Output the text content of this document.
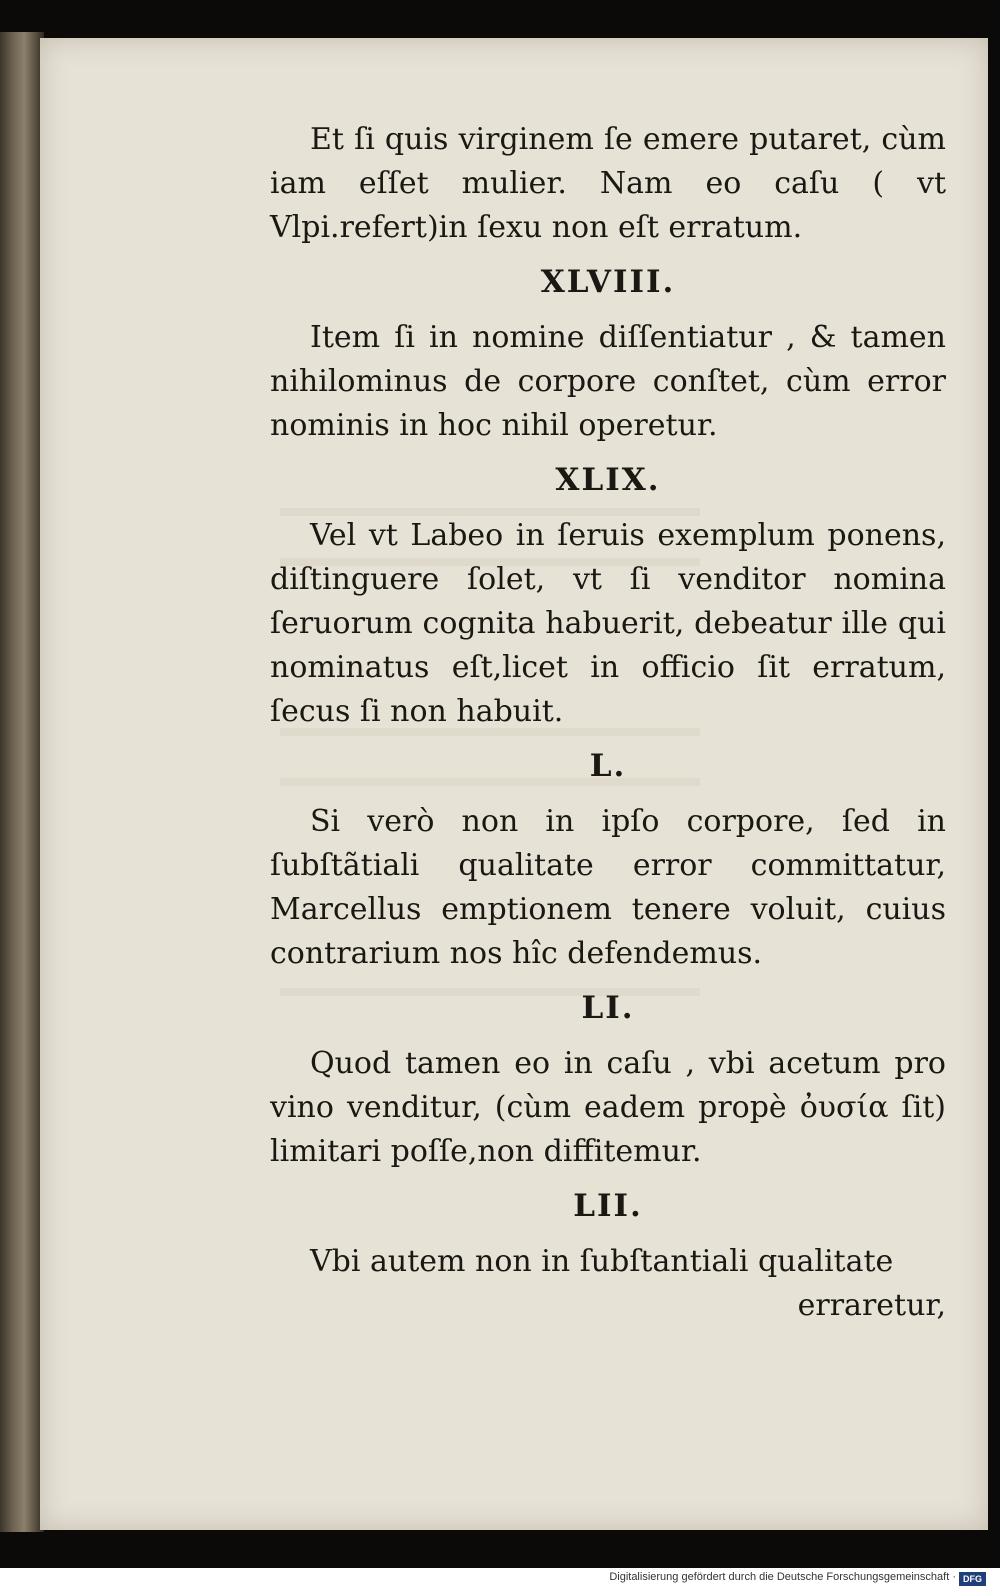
Et ſi quis virginem ſe emere putaret, cùm iam eſſet mulier. Nam eo caſu ( vt Vlpi.refert)in ſexu non eſt erratum.

XLVIII.

Item ſi in nomine diſſentiatur , & tamen nihilominus de corpore conſtet, cùm error nominis in hoc nihil operetur.

XLIX.

Vel vt Labeo in ſeruis exemplum ponens, diſtinguere ſolet, vt ſi venditor nomina ſeruorum cognita habuerit, debeatur ille qui nominatus eſt,licet in officio ſit erratum, ſecus ſi non habuit.

L.

Si verò non in ipſo corpore, ſed in ſubſtãtiali qualitate error committatur, Marcellus emptionem tenere voluit, cuius contrarium nos hîc defendemus.

LI.

Quod tamen eo in caſu , vbi acetum pro vino venditur, (cùm eadem propè ὀυσία ſit) limitari poſſe,non diffitemur.

LII.

Vbi autem non in ſubſtantiali qualitate

erraretur,

Digitalisierung gefördert durch die Deutsche Forschungsgemeinschaft · DFG
